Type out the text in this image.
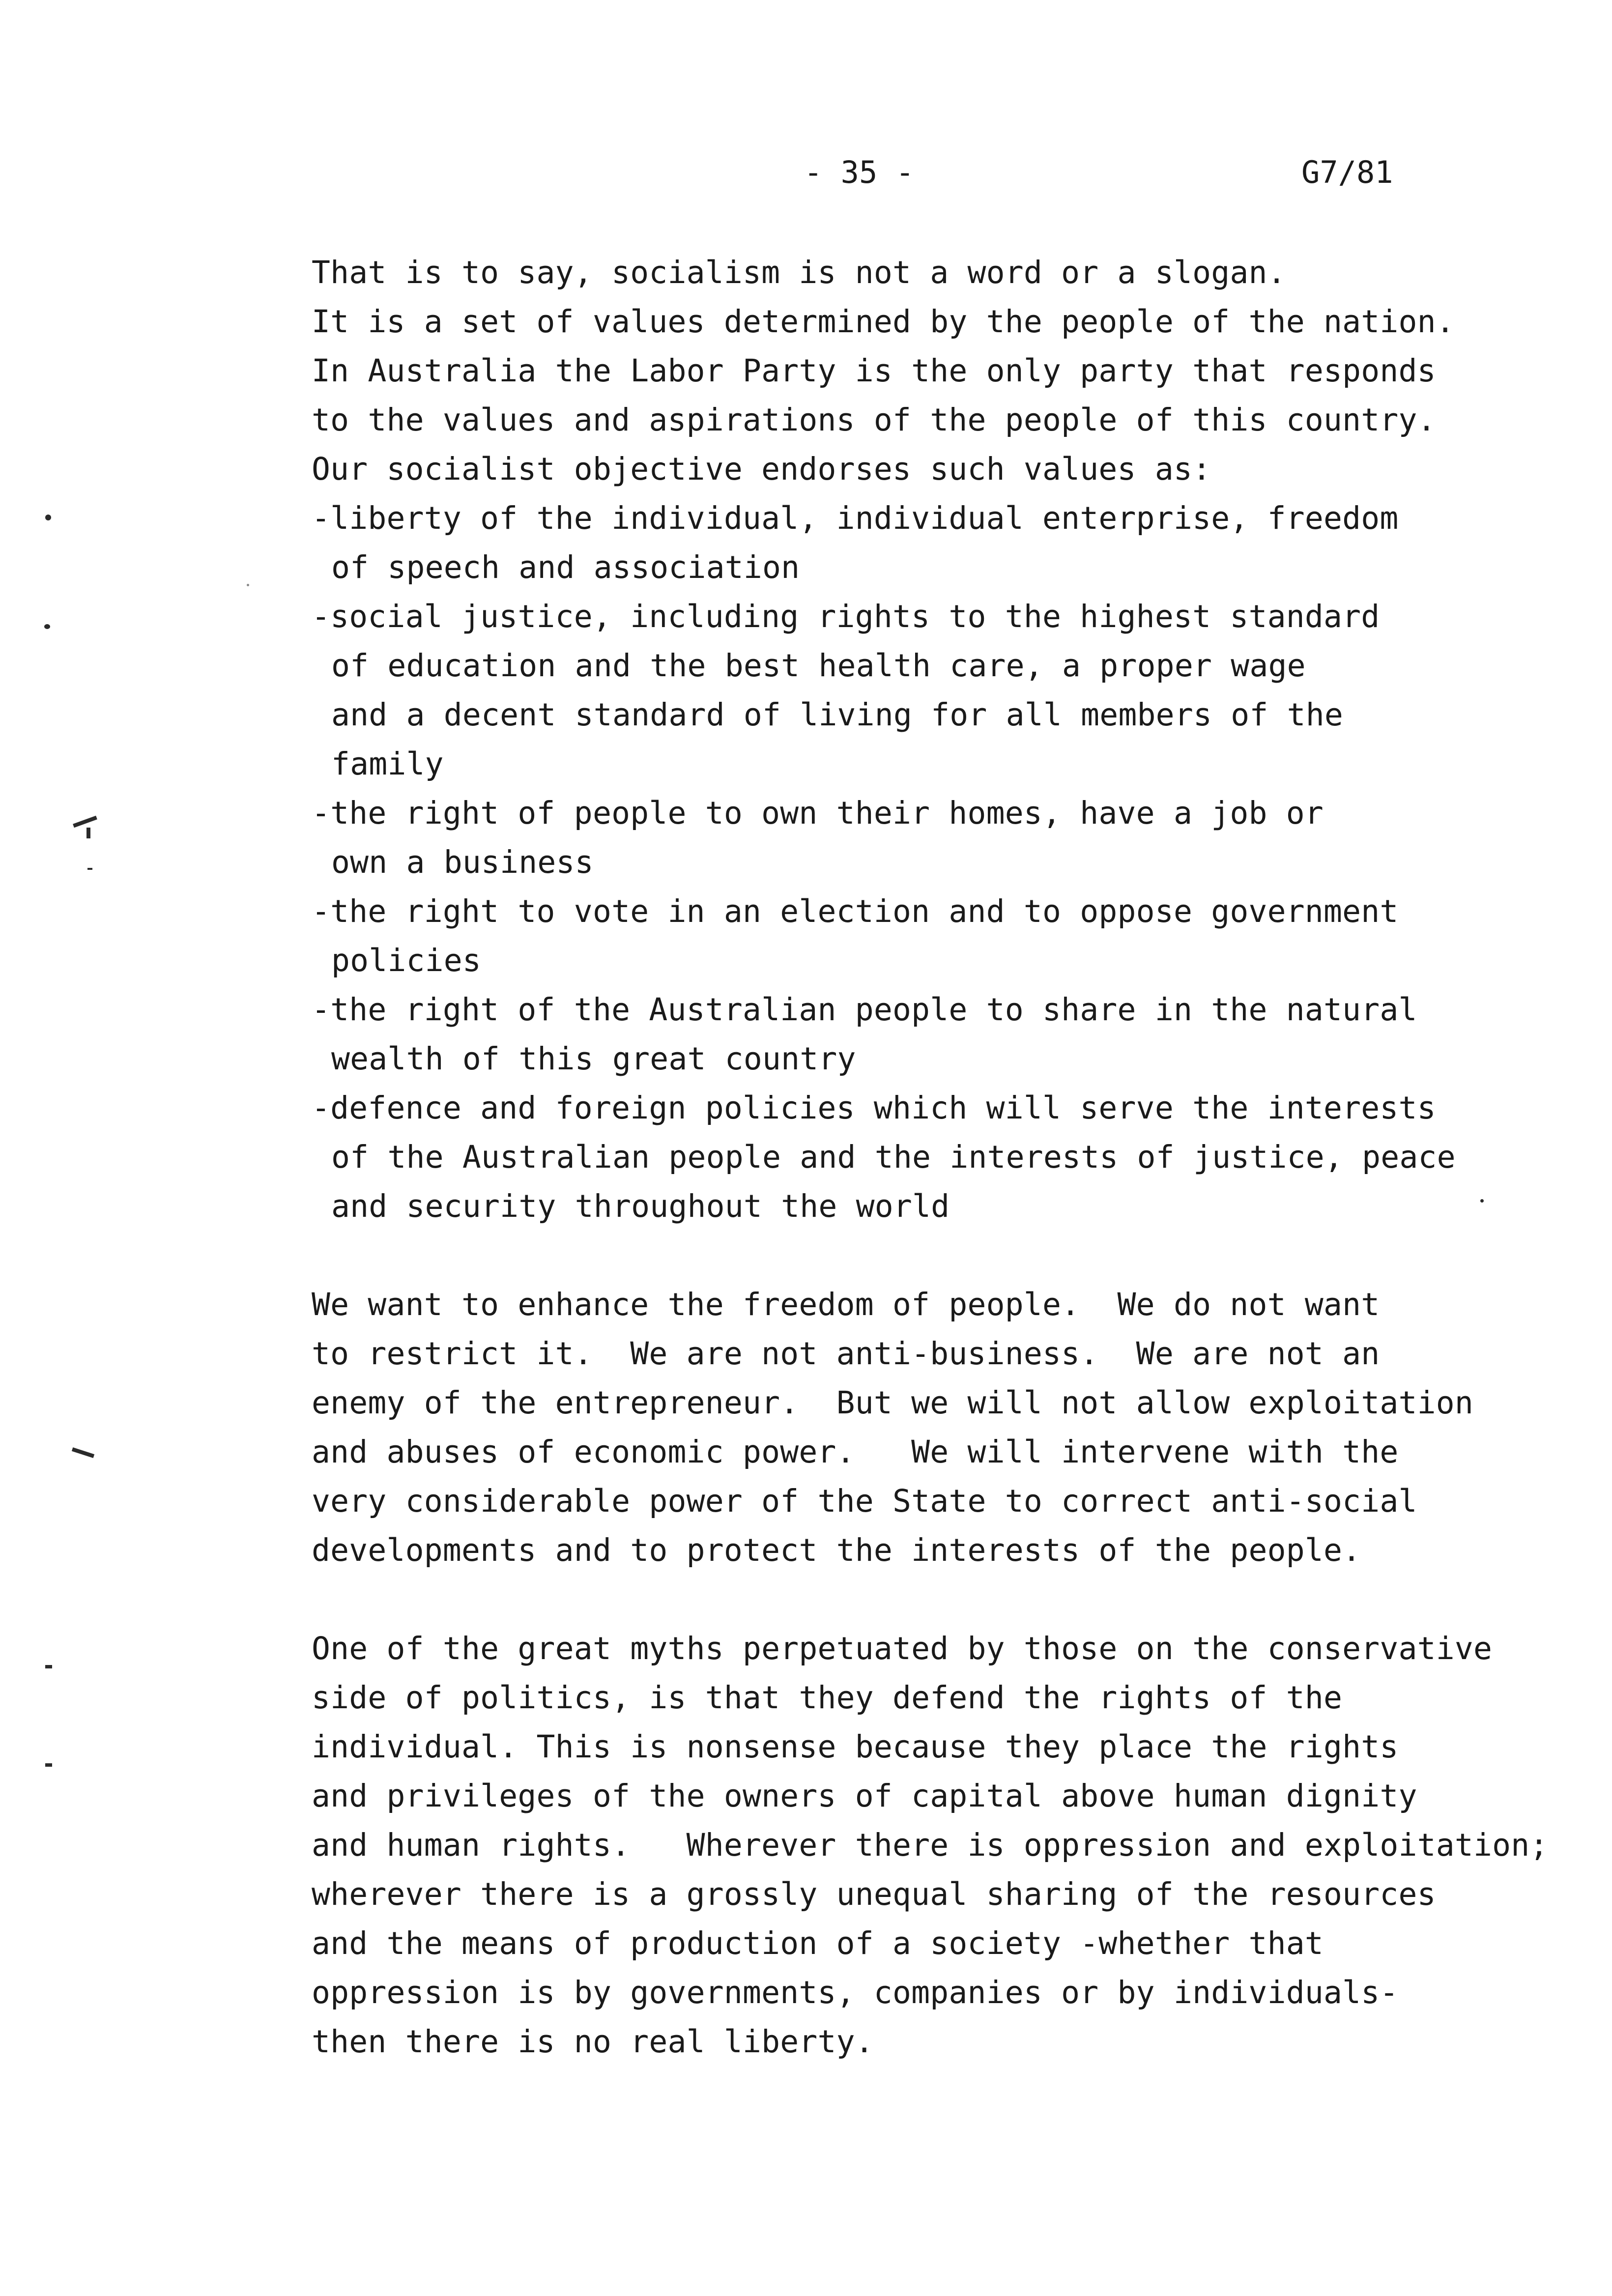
- 35 -	G7/81
That is to say, socialism is not a word or a slogan.
It is a set of values determined by the people of the nation.
In Australia the Labor Party is the only party that responds
to the values and aspirations of the people of this country.
Our socialist objective endorses such values as:
-liberty of the individual, individual enterprise, freedom
of speech and association
-social justice, including rights to the highest standard
of education and the best health care, a proper wage
and a decent standard of living for all members of the
family
-the right of people to own their homes, have a job or
own a business
-the right to vote in an election and to oppose government
policies
-the right of the Australian people to share in the natural
wealth of this great country
-defence and foreign policies which will serve the interests
of the Australian people and the interests of justice, peace
and security throughout the world
We want to enhance the freedom of people.  We do not want
to restrict it.  We are not anti-business.  We are not an
enemy of the entrepreneur.  But we will not allow exploitation
and abuses of economic power.   We will intervene with the
very considerable power of the State to correct anti-social
developments and to protect the interests of the people.
One of the great myths perpetuated by those on the conservative
side of politics, is that they defend the rights of the
individual. This is nonsense because they place the rights
and privileges of the owners of capital above human dignity
and human rights.   Wherever there is oppression and exploitation;
wherever there is a grossly unequal sharing of the resources
and the means of production of a society -whether that
oppression is by governments, companies or by individuals-
then there is no real liberty.
